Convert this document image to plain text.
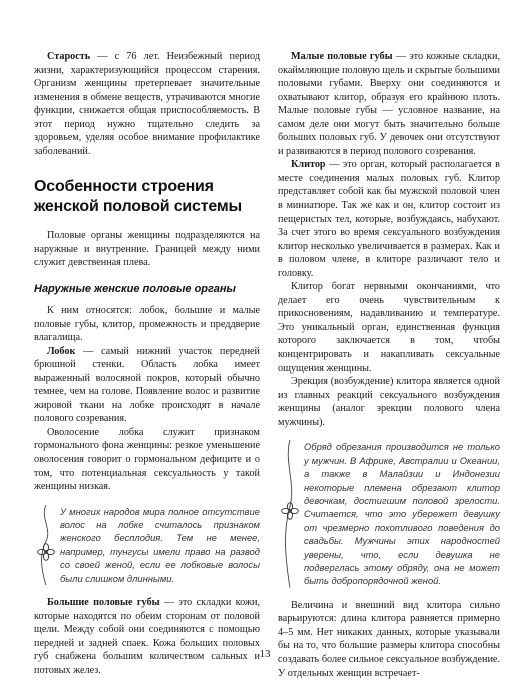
Старость — с 76 лет. Неизбежный период жизни, характеризующийся процессом старения. Организм женщины претерпевает значительные изменения в обмене веществ, утрачиваются многие функции, снижается общая приспособляемость. В этот период нужно тщательно следить за здоровьем, уделяя особое внимание профилактике заболеваний.

Особенности строения женской половой системы

Половые органы женщины подразделяются на наружные и внутренние. Границей между ними служит девственная плева.

Наружные женские половые органы

К ним относятся: лобок, большие и малые половые губы, клитор, промежность и преддверие влагалища.

Лобок — самый нижний участок передней брюшной стенки. Область лобка имеет выраженный волосяной покров, который обычно темнее, чем на голове. Появление волос и развитие жировой ткани на лобке происходят в начале полового созревания.

Оволосение лобка служит признаком гормонального фона женщины: резкое уменьшение оволосения говорит о гормональном дефиците и о том, что потенциальная сексуальность у такой женщины низкая.

У многих народов мира полное отсутствие волос на лобке считалось признаком женского бесплодия. Тем не менее, например, тунгусы имели право на развод со своей женой, если ее лобковые волосы были слишком длинными.

Большие половые губы — это складки кожи, которые находятся по обеим сторонам от половой щели. Между собой они соединяются с помощью передней и задней спаек. Кожа больших половых губ снабжена большим количеством сальных и потовых желез.

Малые половые губы — это кожные складки, окаймляющие половую щель и скрытые большими половыми губами. Вверху они соединяются и охватывают клитор, образуя его крайнюю плоть. Малые половые губы — условное название, на самом деле они могут быть значительно больше больших половых губ. У девочек они отсутствуют и развиваются в период полового созревания.

Клитор — это орган, который располагается в месте соединения малых половых губ. Клитор представляет собой как бы мужской половой член в миниатюре. Так же как и он, клитор состоит из пещеристых тел, которые, возбуждаясь, набухают. За счет этого во время сексуального возбуждения клитор несколько увеличивается в размерах. Как и в половом члене, в клиторе различают тело и головку.

Клитор богат нервными окончаниями, что делает его очень чувствительным к прикосновениям, надавливанию и температуре. Это уникальный орган, единственная функция которого заключается в том, чтобы концентрировать и накапливать сексуальные ощущения женщины.

Эрекция (возбуждение) клитора является одной из главных реакций сексуального возбуждения женщины (аналог эрекции полового члена мужчины).

Обряд обрезания производится не только у мужчин. В Африке, Австралии и Океании, а также в Малайзии и Индонезии некоторые племена обрезают клитор девочкам, достигшим половой зрелости. Считается, что это убережет девушку от чрезмерно похотливого поведения до свадьбы. Мужчины этих народностей уверены, что, если девушка не подверглась этому обряду, она не может быть добропорядочной женой.

Величина и внешний вид клитора сильно варьируются: длина клитора равняется примерно 4–5 мм. Нет никаких данных, которые указывали бы на то, что большие размеры клитора способны создавать более сильное сексуальное возбуждение. У отдельных женщин встречает-

13
